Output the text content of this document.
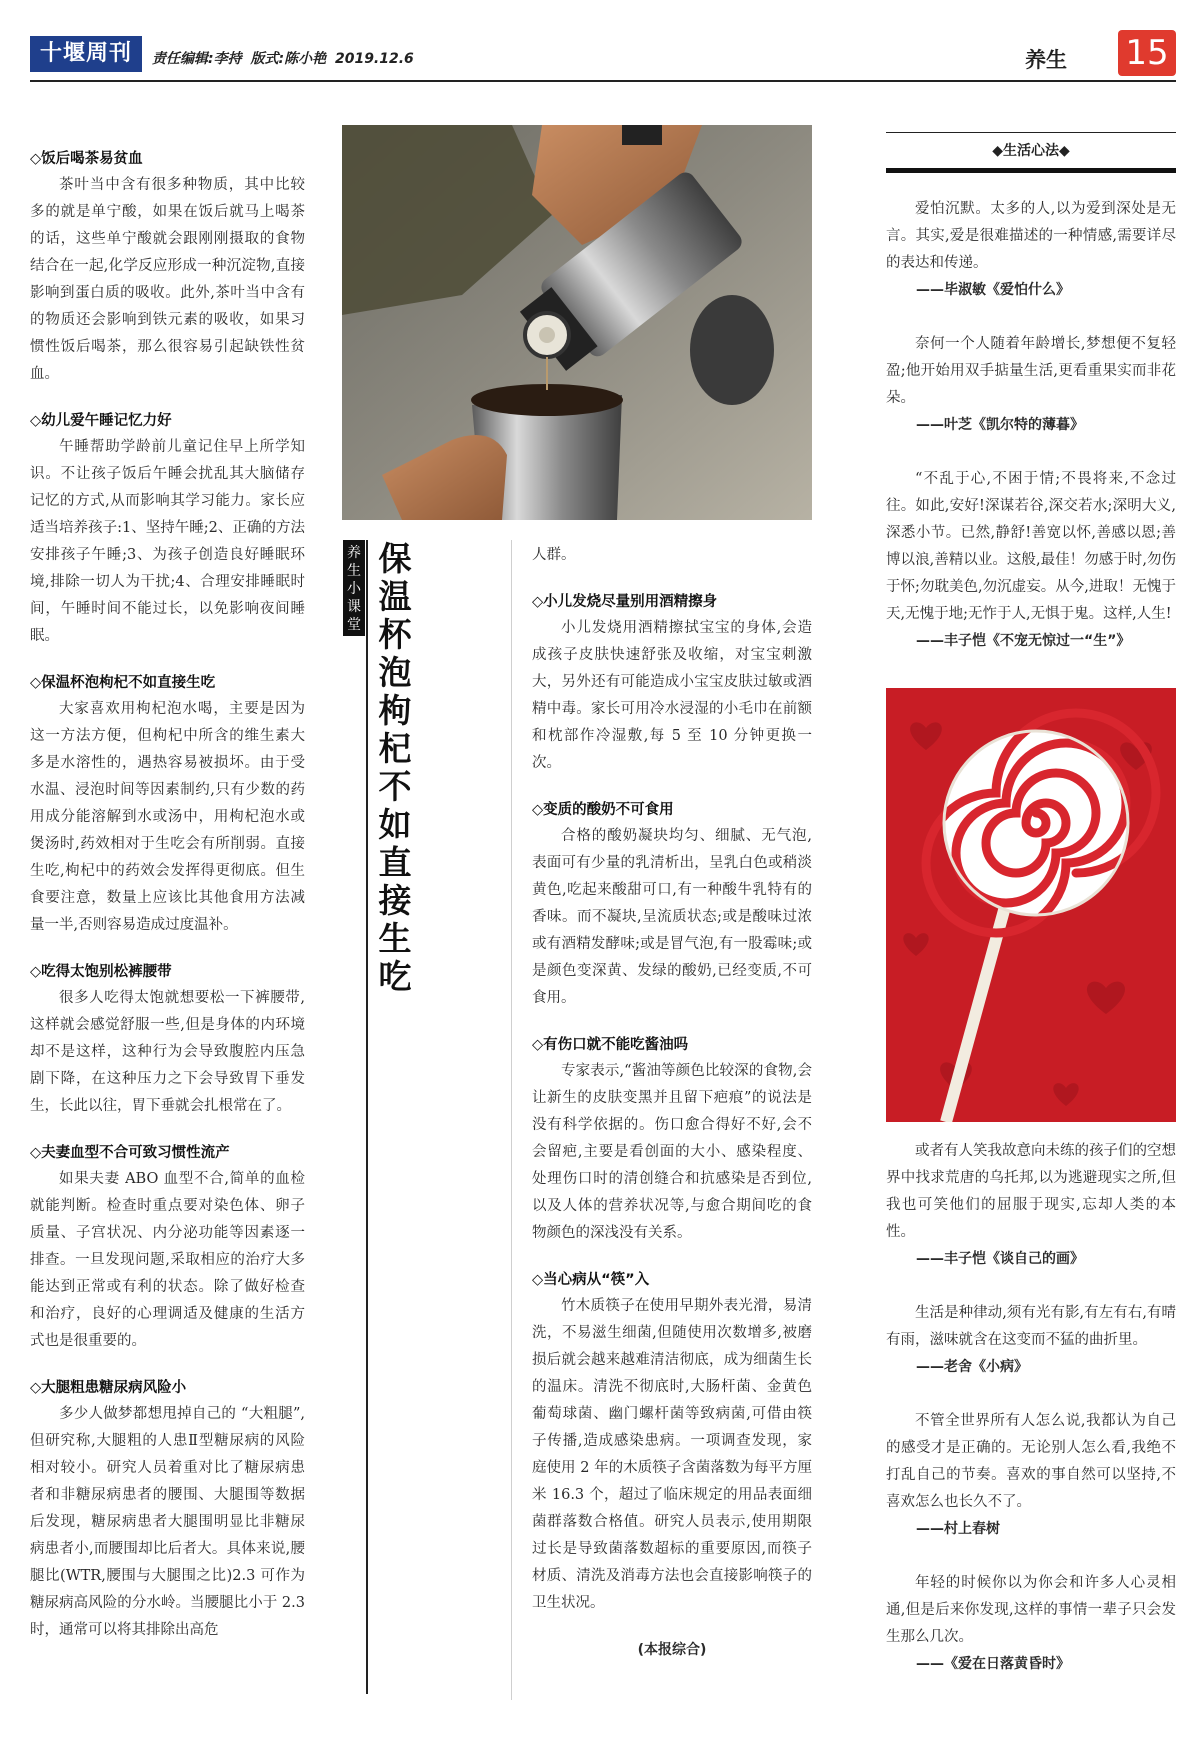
十堰周刊	责任编辑:李持 版式:陈小艳 2019.12.6	养生 15
◇饭后喝茶易贫血

茶叶当中含有很多种物质，其中比较多的就是单宁酸，如果在饭后就马上喝茶的话，这些单宁酸就会跟刚刚摄取的食物结合在一起,化学反应形成一种沉淀物,直接影响到蛋白质的吸收。此外,茶叶当中含有的物质还会影响到铁元素的吸收，如果习惯性饭后喝茶，那么很容易引起缺铁性贫血。

◇幼儿爱午睡记忆力好

午睡帮助学龄前儿童记住早上所学知识。不让孩子饭后午睡会扰乱其大脑储存记忆的方式,从而影响其学习能力。家长应适当培养孩子:1、坚持午睡;2、正确的方法安排孩子午睡;3、为孩子创造良好睡眠环境,排除一切人为干扰;4、合理安排睡眠时间，午睡时间不能过长，以免影响夜间睡眠。

◇保温杯泡枸杞不如直接生吃

大家喜欢用枸杞泡水喝，主要是因为这一方法方便，但枸杞中所含的维生素大多是水溶性的，遇热容易被损坏。由于受水温、浸泡时间等因素制约,只有少数的药用成分能溶解到水或汤中，用枸杞泡水或煲汤时,药效相对于生吃会有所削弱。直接生吃,枸杞中的药效会发挥得更彻底。但生食要注意，数量上应该比其他食用方法减量一半,否则容易造成过度温补。

◇吃得太饱别松裤腰带

很多人吃得太饱就想要松一下裤腰带,这样就会感觉舒服一些,但是身体的内环境却不是这样，这种行为会导致腹腔内压急剧下降，在这种压力之下会导致胃下垂发生，长此以往，胃下垂就会扎根常在了。

◇夫妻血型不合可致习惯性流产

如果夫妻 ABO 血型不合,简单的血检就能判断。检查时重点要对染色体、卵子质量、子宫状况、内分泌功能等因素逐一排查。一旦发现问题,采取相应的治疗大多能达到正常或有利的状态。除了做好检查和治疗，良好的心理调适及健康的生活方式也是很重要的。

◇大腿粗患糖尿病风险小

多少人做梦都想甩掉自己的 “大粗腿”,但研究称,大腿粗的人患Ⅱ型糖尿病的风险相对较小。研究人员着重对比了糖尿病患者和非糖尿病患者的腰围、大腿围等数据后发现，糖尿病患者大腿围明显比非糖尿病患者小,而腰围却比后者大。具体来说,腰腿比(WTR,腰围与大腿围之比)2.3 可作为糖尿病高风险的分水岭。当腰腿比小于 2.3 时，通常可以将其排除出高危

养生小课堂
保温杯泡枸杞不如直接生吃

人群。

◇小儿发烧尽量别用酒精擦身

小儿发烧用酒精擦拭宝宝的身体,会造成孩子皮肤快速舒张及收缩，对宝宝刺激大，另外还有可能造成小宝宝皮肤过敏或酒精中毒。家长可用冷水浸湿的小毛巾在前额和枕部作冷湿敷,每 5 至 10 分钟更换一次。

◇变质的酸奶不可食用

合格的酸奶凝块均匀、细腻、无气泡,表面可有少量的乳清析出，呈乳白色或稍淡黄色,吃起来酸甜可口,有一种酸牛乳特有的香味。而不凝块,呈流质状态;或是酸味过浓或有酒精发酵味;或是冒气泡,有一股霉味;或是颜色变深黄、发绿的酸奶,已经变质,不可食用。

◇有伤口就不能吃酱油吗

专家表示,“酱油等颜色比较深的食物,会让新生的皮肤变黑并且留下疤痕”的说法是没有科学依据的。伤口愈合得好不好,会不会留疤,主要是看创面的大小、感染程度、处理伤口时的清创缝合和抗感染是否到位,以及人体的营养状况等,与愈合期间吃的食物颜色的深浅没有关系。

◇当心病从“筷”入

竹木质筷子在使用早期外表光滑，易清洗，不易滋生细菌,但随使用次数增多,被磨损后就会越来越难清洁彻底，成为细菌生长的温床。清洗不彻底时,大肠杆菌、金黄色葡萄球菌、幽门螺杆菌等致病菌,可借由筷子传播,造成感染患病。一项调查发现，家庭使用 2 年的木质筷子含菌落数为每平方厘米 16.3 个，超过了临床规定的用品表面细菌群落数合格值。研究人员表示,使用期限过长是导致菌落数超标的重要原因,而筷子材质、清洗及消毒方法也会直接影响筷子的卫生状况。

(本报综合)
◆生活心法◆

爱怕沉默。太多的人,以为爱到深处是无言。其实,爱是很难描述的一种情感,需要详尽的表达和传递。

——毕淑敏《爱怕什么》

奈何一个人随着年龄增长,梦想便不复轻盈;他开始用双手掂量生活,更看重果实而非花朵。

——叶芝《凯尔特的薄暮》

“不乱于心,不困于情;不畏将来,不念过往。如此,安好!深谋若谷,深交若水;深明大义,深悉小节。已然,静舒!善宽以怀,善感以恩;善博以浪,善精以业。这般,最佳！勿感于时,勿伤于怀;勿耽美色,勿沉虚妄。从今,进取！无愧于天,无愧于地;无怍于人,无惧于鬼。这样,人生!

——丰子恺《不宠无惊过一“生”》

或者有人笑我故意向未练的孩子们的空想界中找求荒唐的乌托邦,以为逃避现实之所,但我也可笑他们的屈服于现实,忘却人类的本性。

——丰子恺《谈自己的画》

生活是种律动,须有光有影,有左有右,有晴有雨，滋味就含在这变而不猛的曲折里。

——老舍《小病》

不管全世界所有人怎么说,我都认为自己的感受才是正确的。无论别人怎么看,我绝不打乱自己的节奏。喜欢的事自然可以坚持,不喜欢怎么也长久不了。

——村上春树

年轻的时候你以为你会和许多人心灵相通,但是后来你发现,这样的事情一辈子只会发生那么几次。

——《爱在日落黄昏时》
